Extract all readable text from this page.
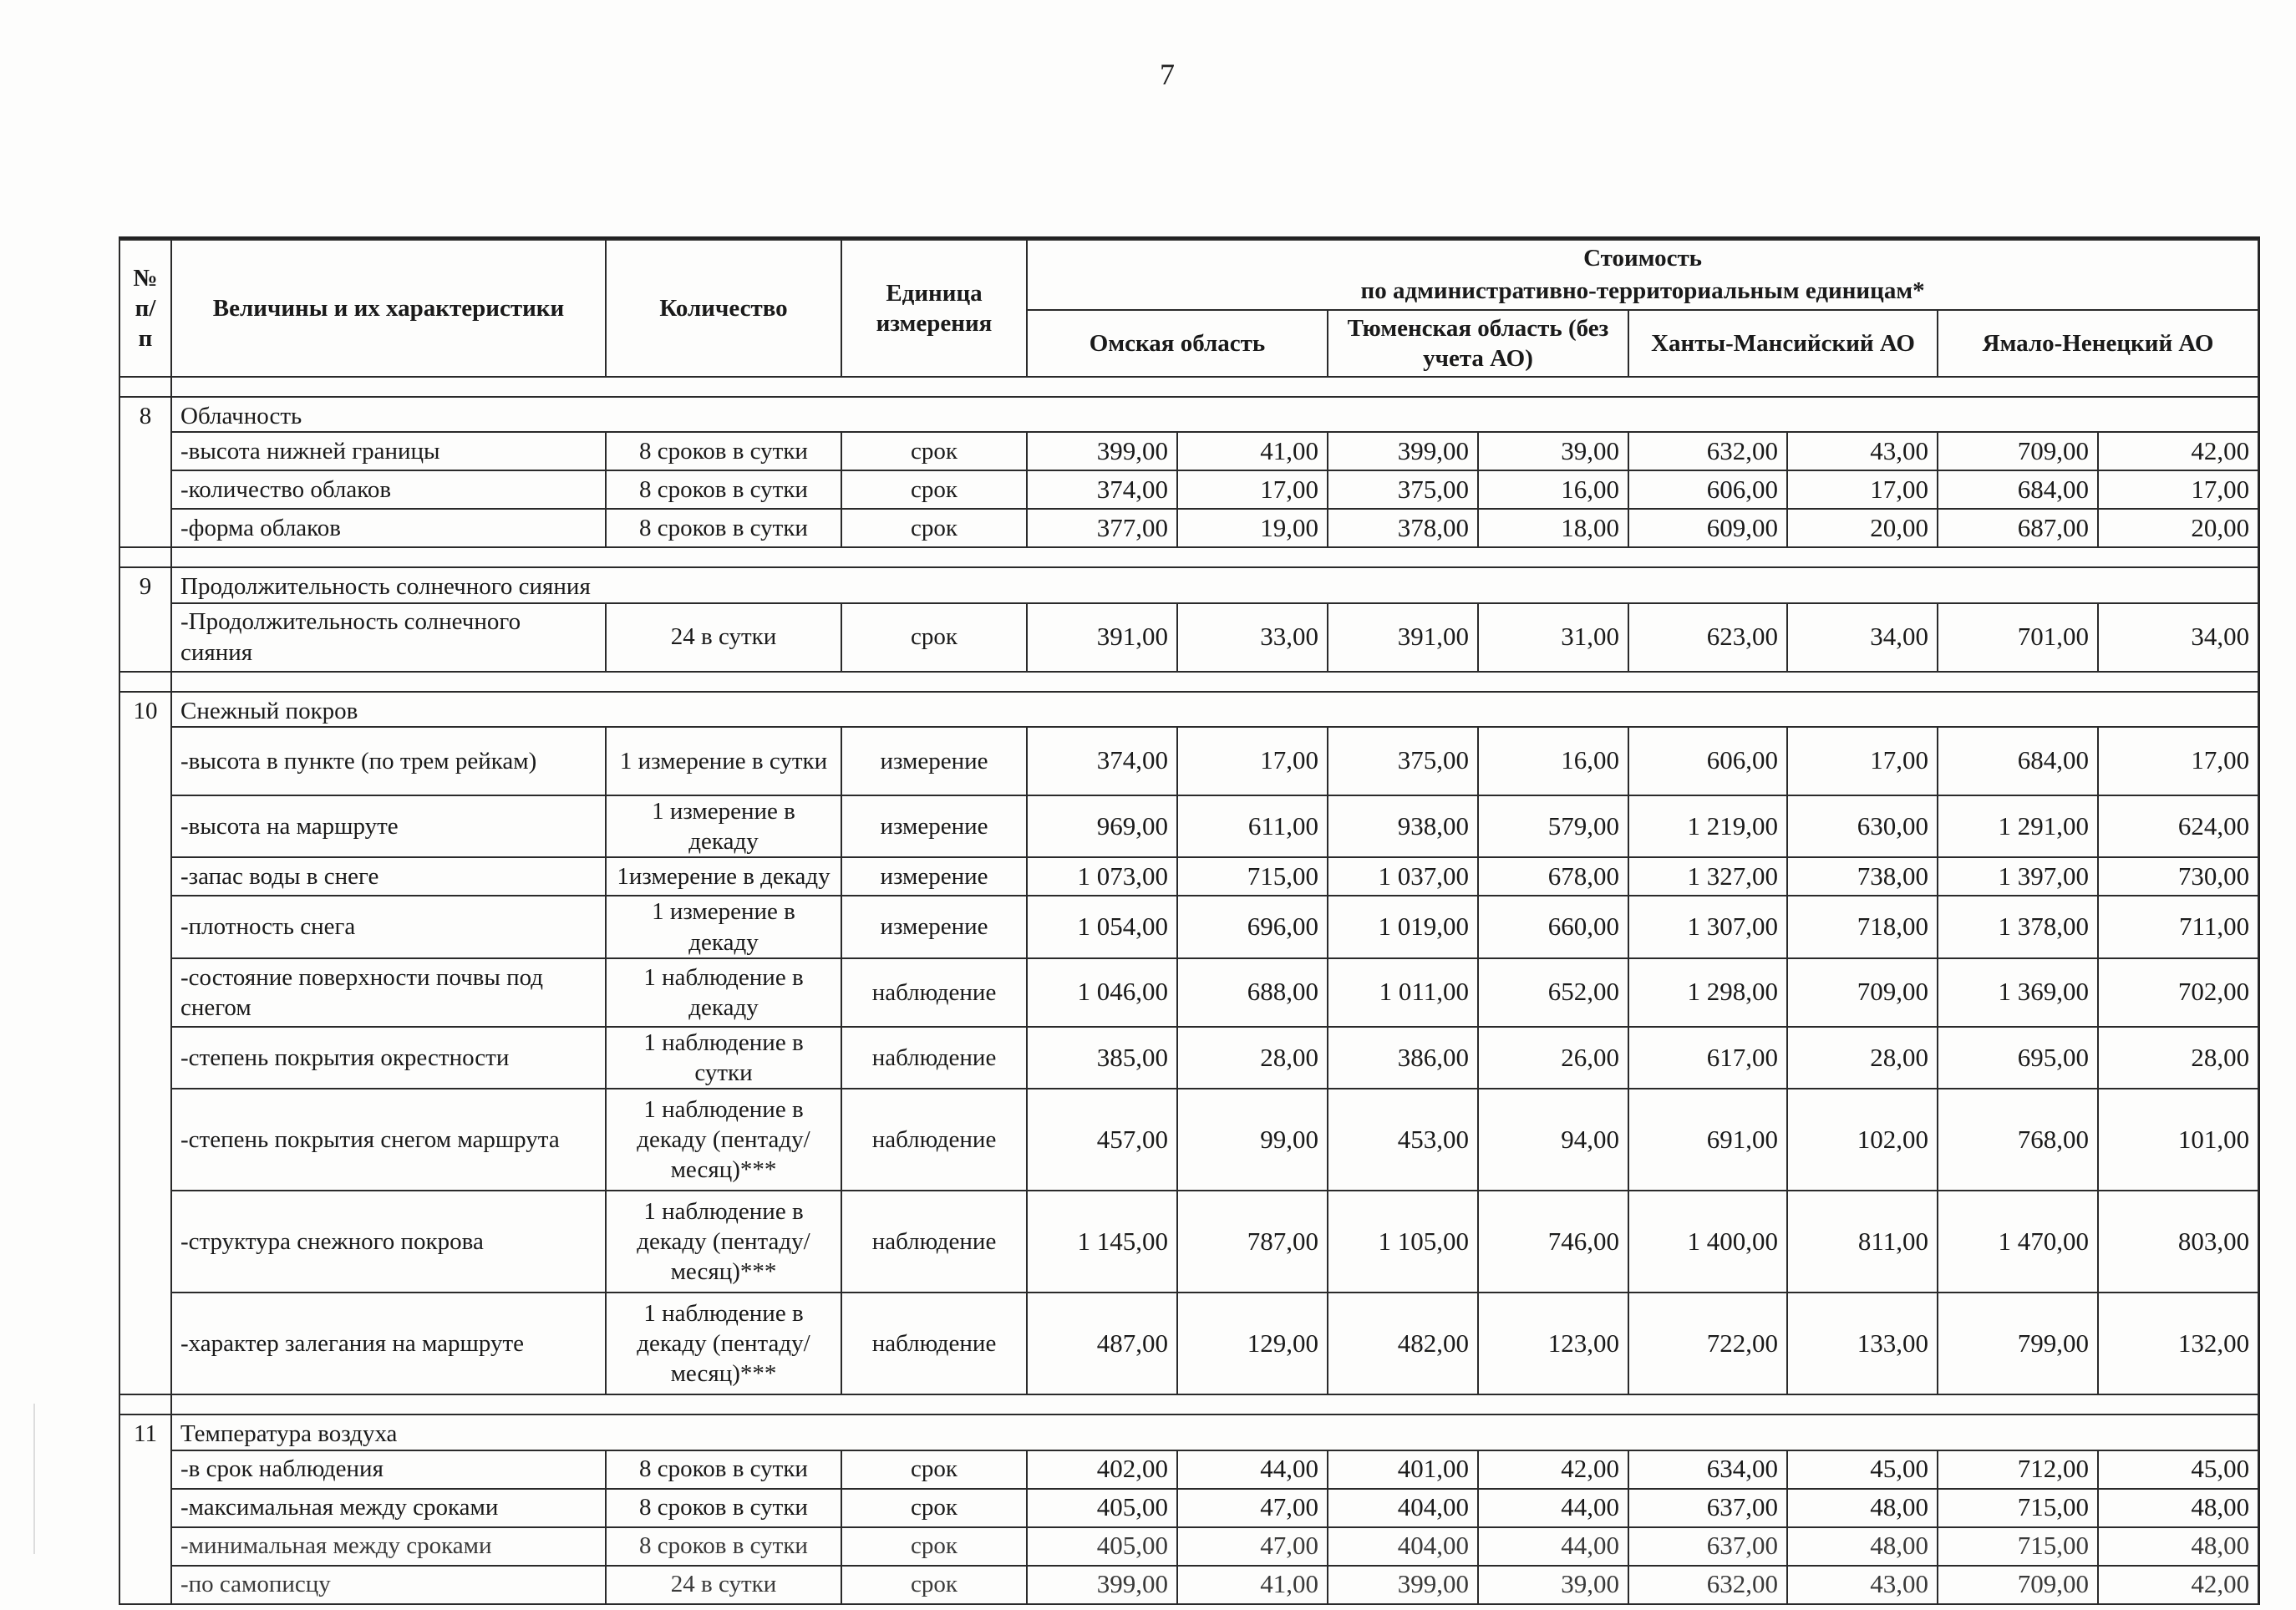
7
№ п/п	Величины и их характеристики	Количество	Единица измерения	Стоимость
по административно-территориальным единицам*							

				Омская область		Тюменская область (без учета АО)		Ханты-Мансийский АО		Ямало-Ненецкий АО	

8	Облачность										
	-высота нижней границы	8 сроков в сутки	срок	399,00	41,00	399,00	39,00	632,00	43,00	709,00	42,00
	-количество облаков	8 сроков в сутки	срок	374,00	17,00	375,00	16,00	606,00	17,00	684,00	17,00
	-форма облаков	8 сроков в сутки	срок	377,00	19,00	378,00	18,00	609,00	20,00	687,00	20,00

9	Продолжительность солнечного сияния										
	-Продолжительность солнечного сияния	24 в сутки	срок	391,00	33,00	391,00	31,00	623,00	34,00	701,00	34,00

10	Снежный покров										
	-высота в пункте (по трем рейкам)	1 измерение в сутки	измерение	374,00	17,00	375,00	16,00	606,00	17,00	684,00	17,00
	-высота на маршруте	1 измерение в декаду	измерение	969,00	611,00	938,00	579,00	1 219,00	630,00	1 291,00	624,00
	-запас воды в снеге	1измерение в декаду	измерение	1 073,00	715,00	1 037,00	678,00	1 327,00	738,00	1 397,00	730,00
	-плотность снега	1 измерение в декаду	измерение	1 054,00	696,00	1 019,00	660,00	1 307,00	718,00	1 378,00	711,00
	-состояние поверхности почвы под снегом	1 наблюдение в декаду	наблюдение	1 046,00	688,00	1 011,00	652,00	1 298,00	709,00	1 369,00	702,00
	-степень покрытия окрестности	1 наблюдение в сутки	наблюдение	385,00	28,00	386,00	26,00	617,00	28,00	695,00	28,00
	-степень покрытия снегом маршрута	1 наблюдение в декаду (пентаду/месяц)***	наблюдение	457,00	99,00	453,00	94,00	691,00	102,00	768,00	101,00
	-структура снежного покрова	1 наблюдение в декаду (пентаду/месяц)***	наблюдение	1 145,00	787,00	1 105,00	746,00	1 400,00	811,00	1 470,00	803,00
	-характер залегания на маршруте	1 наблюдение в декаду (пентаду/месяц)***	наблюдение	487,00	129,00	482,00	123,00	722,00	133,00	799,00	132,00

11	Температура воздуха										
	-в срок наблюдения	8 сроков в сутки	срок	402,00	44,00	401,00	42,00	634,00	45,00	712,00	45,00
	-максимальная между сроками	8 сроков в сутки	срок	405,00	47,00	404,00	44,00	637,00	48,00	715,00	48,00
	-минимальная между сроками	8 сроков в сутки	срок	405,00	47,00	404,00	44,00	637,00	48,00	715,00	48,00
	-по самописцу	24 в сутки	срок	399,00	41,00	399,00	39,00	632,00	43,00	709,00	42,00
